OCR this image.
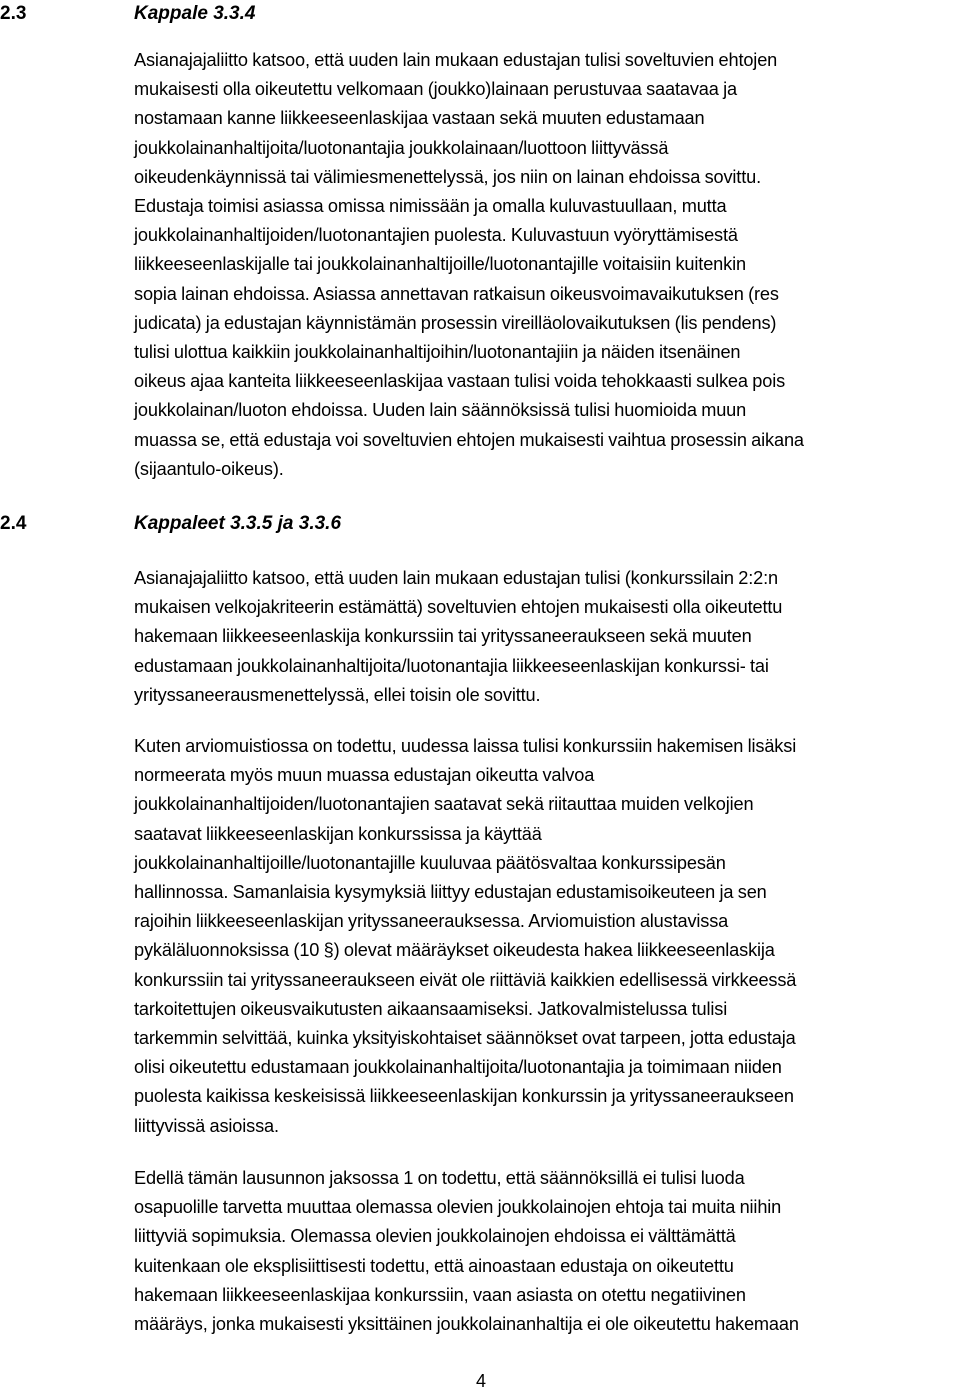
2.3	Kappale 3.3.4
Asianajajaliitto katsoo, että uuden lain mukaan edustajan tulisi soveltuvien ehtojen
mukaisesti olla oikeutettu velkomaan (joukko)lainaan perustuvaa saatavaa ja
nostamaan kanne liikkeeseenlaskijaa vastaan sekä muuten edustamaan
joukkolainanhaltijoita/luotonantajia joukkolainaan/luottoon liittyvässä
oikeudenkäynnissä tai välimiesmenettelyssä, jos niin on lainan ehdoissa sovittu.
Edustaja toimisi asiassa omissa nimissään ja omalla kuluvastuullaan, mutta
joukkolainanhaltijoiden/luotonantajien puolesta. Kuluvastuun vyöryttämisestä
liikkeeseenlaskijalle tai joukkolainanhaltijoille/luotonantajille voitaisiin kuitenkin
sopia lainan ehdoissa. Asiassa annettavan ratkaisun oikeusvoimavaikutuksen (res
judicata) ja edustajan käynnistämän prosessin vireilläolovaikutuksen (lis pendens)
tulisi ulottua kaikkiin joukkolainanhaltijoihin/luotonantajiin ja näiden itsenäinen
oikeus ajaa kanteita liikkeeseenlaskijaa vastaan tulisi voida tehokkaasti sulkea pois
joukkolainan/luoton ehdoissa. Uuden lain säännöksissä tulisi huomioida muun
muassa se, että edustaja voi soveltuvien ehtojen mukaisesti vaihtua prosessin aikana
(sijaantulo-oikeus).
2.4	Kappaleet 3.3.5 ja 3.3.6
Asianajajaliitto katsoo, että uuden lain mukaan edustajan tulisi (konkurssilain 2:2:n
mukaisen velkojakriteerin estämättä) soveltuvien ehtojen mukaisesti olla oikeutettu
hakemaan liikkeeseenlaskija konkurssiin tai yrityssaneeraukseen sekä muuten
edustamaan joukkolainanhaltijoita/luotonantajia liikkeeseenlaskijan konkurssi- tai
yrityssaneerausmenettelyssä, ellei toisin ole sovittu.
Kuten arviomuistiossa on todettu, uudessa laissa tulisi konkurssiin hakemisen lisäksi
normeerata myös muun muassa edustajan oikeutta valvoa
joukkolainanhaltijoiden/luotonantajien saatavat sekä riitauttaa muiden velkojien
saatavat liikkeeseenlaskijan konkurssissa ja käyttää
joukkolainanhaltijoille/luotonantajille kuuluvaa päätösvaltaa konkurssipesän
hallinnossa. Samanlaisia kysymyksiä liittyy edustajan edustamisoikeuteen ja sen
rajoihin liikkeeseenlaskijan yrityssaneerauksessa. Arviomuistion alustavissa
pykäläluonnoksissa (10 §) olevat määräykset oikeudesta hakea liikkeeseenlaskija
konkurssiin tai yrityssaneeraukseen eivät ole riittäviä kaikkien edellisessä virkkeessä
tarkoitettujen oikeusvaikutusten aikaansaamiseksi. Jatkovalmistelussa tulisi
tarkemmin selvittää, kuinka yksityiskohtaiset säännökset ovat tarpeen, jotta edustaja
olisi oikeutettu edustamaan joukkolainanhaltijoita/luotonantajia ja toimimaan niiden
puolesta kaikissa keskeisissä liikkeeseenlaskijan konkurssin ja yrityssaneeraukseen
liittyvissä asioissa.
Edellä tämän lausunnon jaksossa 1 on todettu, että säännöksillä ei tulisi luoda
osapuolille tarvetta muuttaa olemassa olevien joukkolainojen ehtoja tai muita niihin
liittyviä sopimuksia. Olemassa olevien joukkolainojen ehdoissa ei välttämättä
kuitenkaan ole eksplisiittisesti todettu, että ainoastaan edustaja on oikeutettu
hakemaan liikkeeseenlaskijaa konkurssiin, vaan asiasta on otettu negatiivinen
määräys, jonka mukaisesti yksittäinen joukkolainanhaltija ei ole oikeutettu hakemaan
4
